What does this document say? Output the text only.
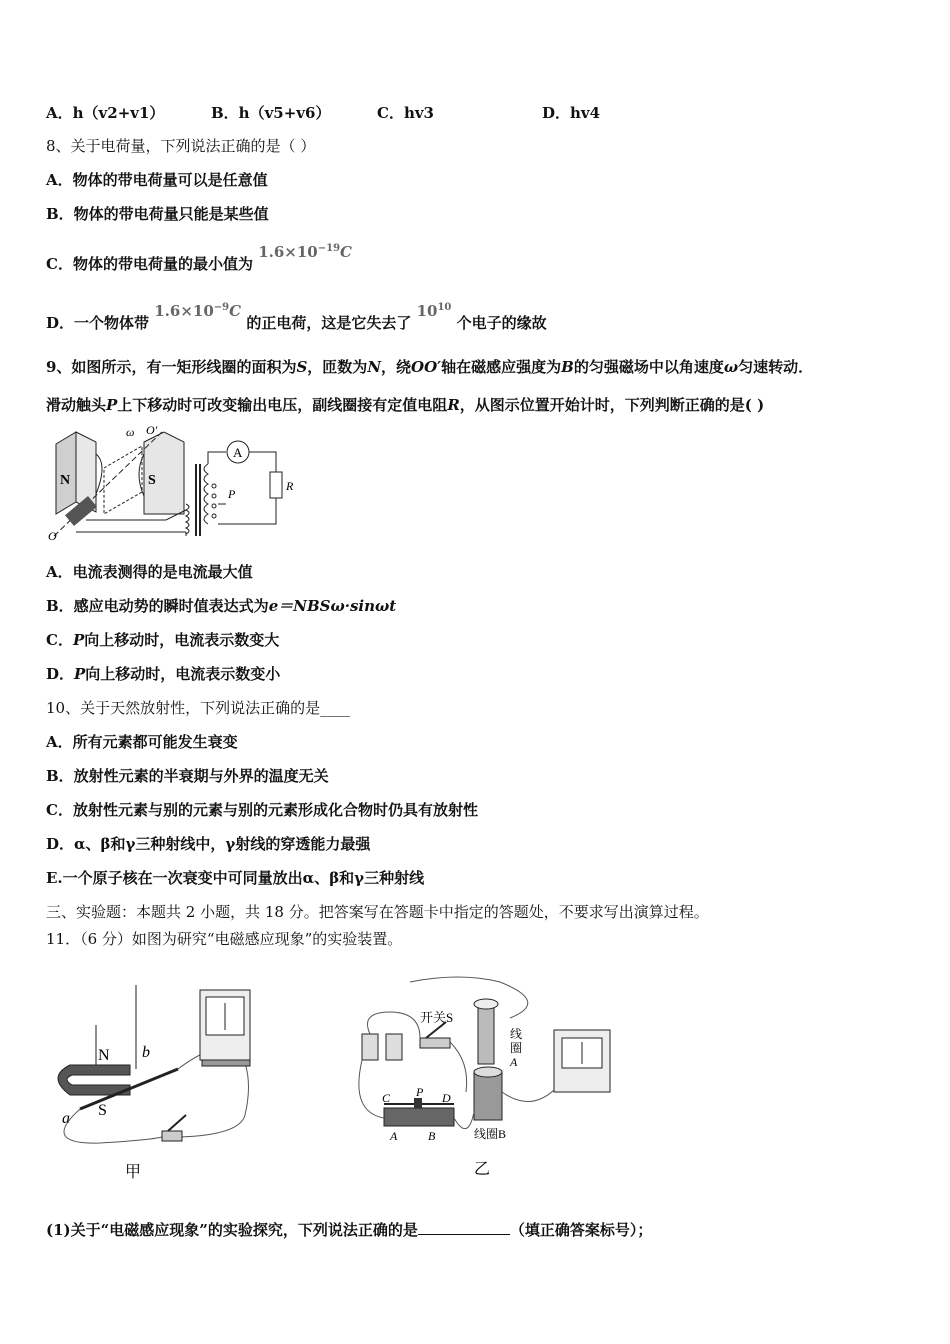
A．h（v2+v1）	B．h（v5+v6）	C．hv3	D．hv4
8、关于电荷量，下列说法正确的是（ ）
A．物体的带电荷量可以是任意值
B．物体的带电荷量只能是某些值
C．物体的带电荷量的最小值为 $1.6\times 10^{-19}C$
D．一个物体带 $1.6\times 10^{-9}C$ 的正电荷，这是它失去了 $10^{10}$ 个电子的缘故
9、如图所示，有一矩形线圈的面积为S，匝数为N，绕OO′轴在磁感应强度为B的匀强磁场中以角速度ω匀速转动．
滑动触头P上下移动时可改变输出电压，副线圈接有定值电阻R，从图示位置开始计时，下列判断正确的是( )
N	S
ω O′
O
P
A
R
A．电流表测得的是电流最大值
B．感应电动势的瞬时值表达式为e＝NBSω·sinωt
C．P向上移动时，电流表示数变大
D．P向上移动时，电流表示数变小
10、关于天然放射性，下列说法正确的是____
A．所有元素都可能发生衰变
B．放射性元素的半衰期与外界的温度无关
C．放射性元素与别的元素与别的元素形成化合物时仍具有放射性
D．α、β和γ三种射线中，γ射线的穿透能力最强
E.一个原子核在一次衰变中可同量放出α、β和γ三种射线
三、实验题：本题共 2 小题，共 18 分。把答案写在答题卡中指定的答题处，不要求写出演算过程。
11．（6 分）如图为研究“电磁感应现象”的实验装置。
N b
a S
甲
开关S
线
圈
A
线圈B
C P D
A	B
乙
(1)关于“电磁感应现象”的实验探究，下列说法正确的是	（填正确答案标号）；
